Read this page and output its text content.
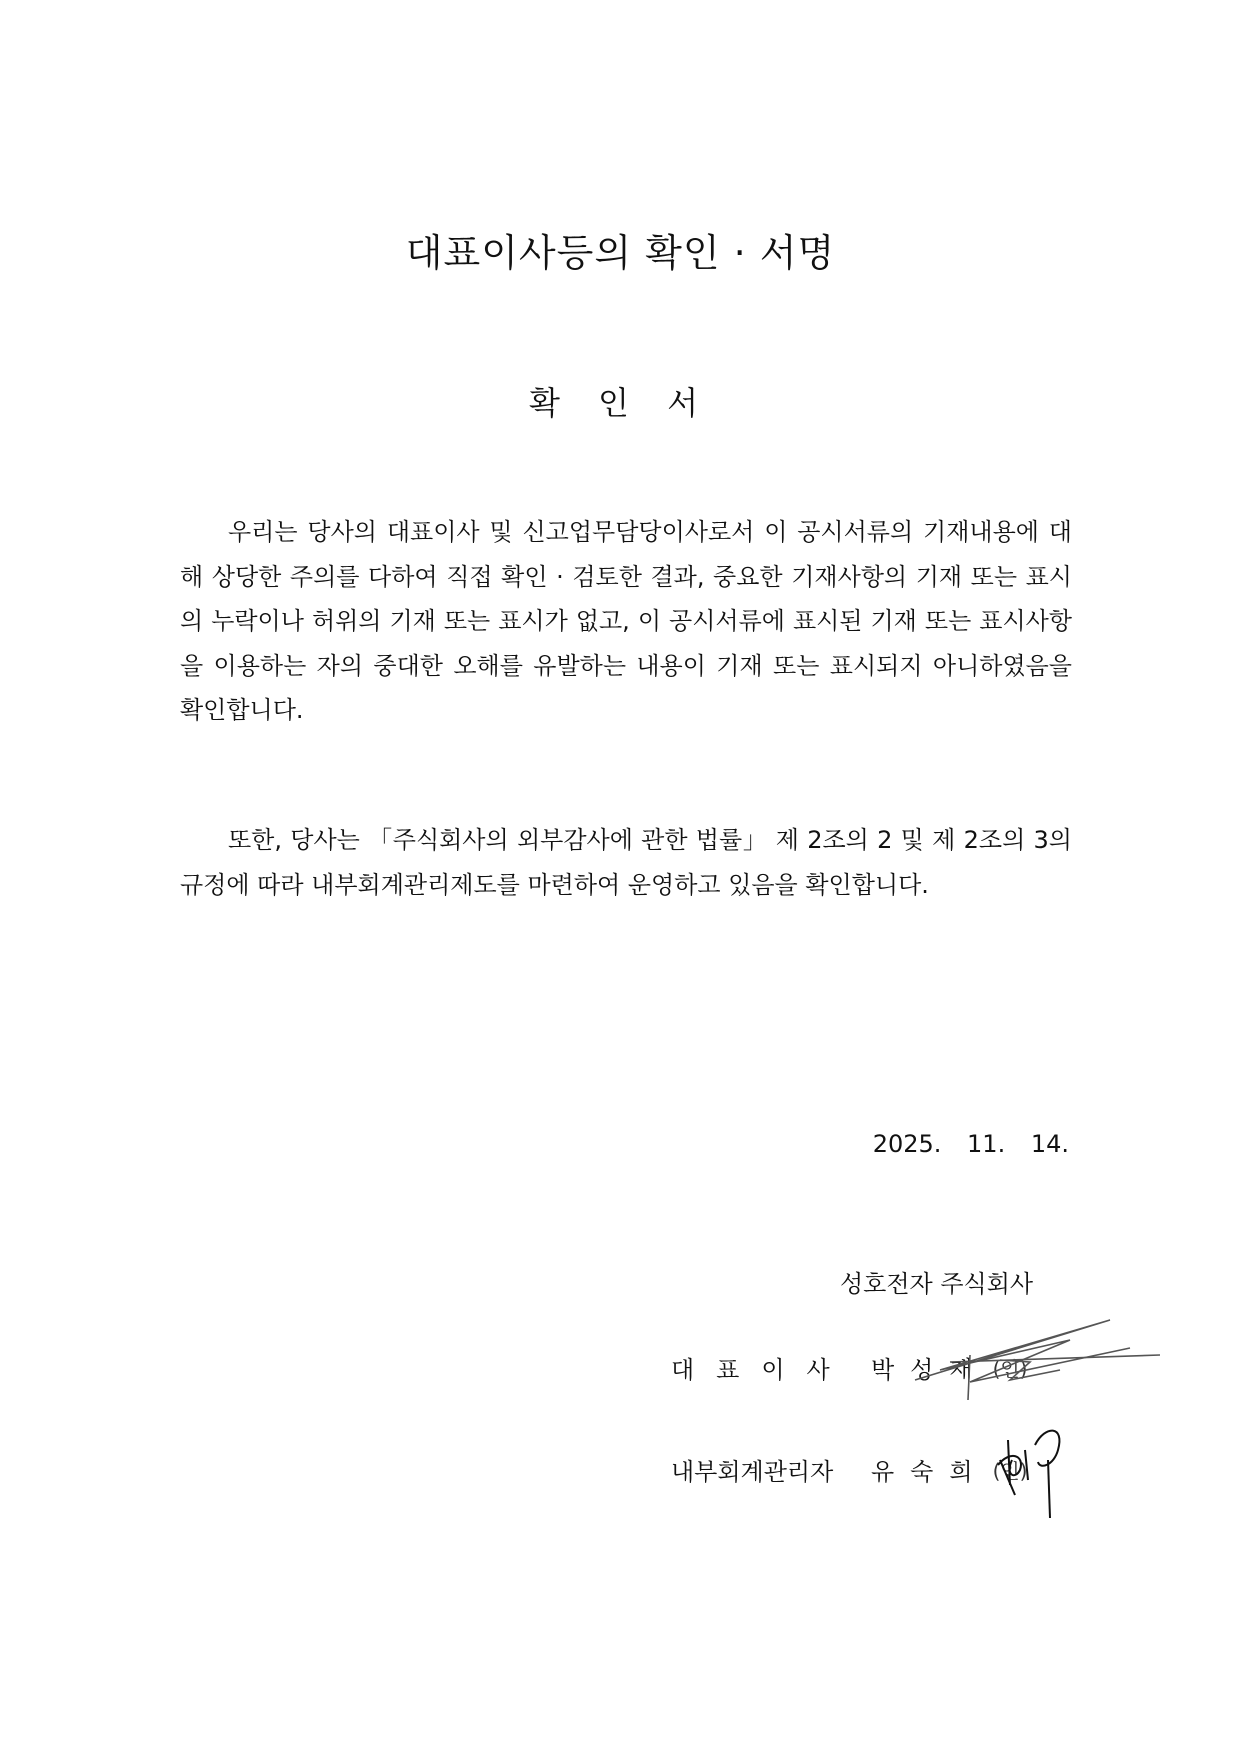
대표이사등의 확인 · 서명
확 인 서
우리는 당사의 대표이사 및 신고업무담당이사로서 이 공시서류의 기재내용에 대해 상당한 주의를 다하여 직접 확인 · 검토한 결과, 중요한 기재사항의 기재 또는 표시의 누락이나 허위의 기재 또는 표시가 없고, 이 공시서류에 표시된 기재 또는 표시사항을 이용하는 자의 중대한 오해를 유발하는 내용이 기재 또는 표시되지 아니하였음을 확인합니다.
또한, 당사는 「주식회사의 외부감사에 관한 법률」 제 2조의 2 및 제 2조의 3의 규정에 따라 내부회계관리제도를 마련하여 운영하고 있음을 확인합니다.
2025. 11. 14.
성호전자 주식회사
대표이사 박성재 (인)
내부회계관리자	유숙희 (인)
